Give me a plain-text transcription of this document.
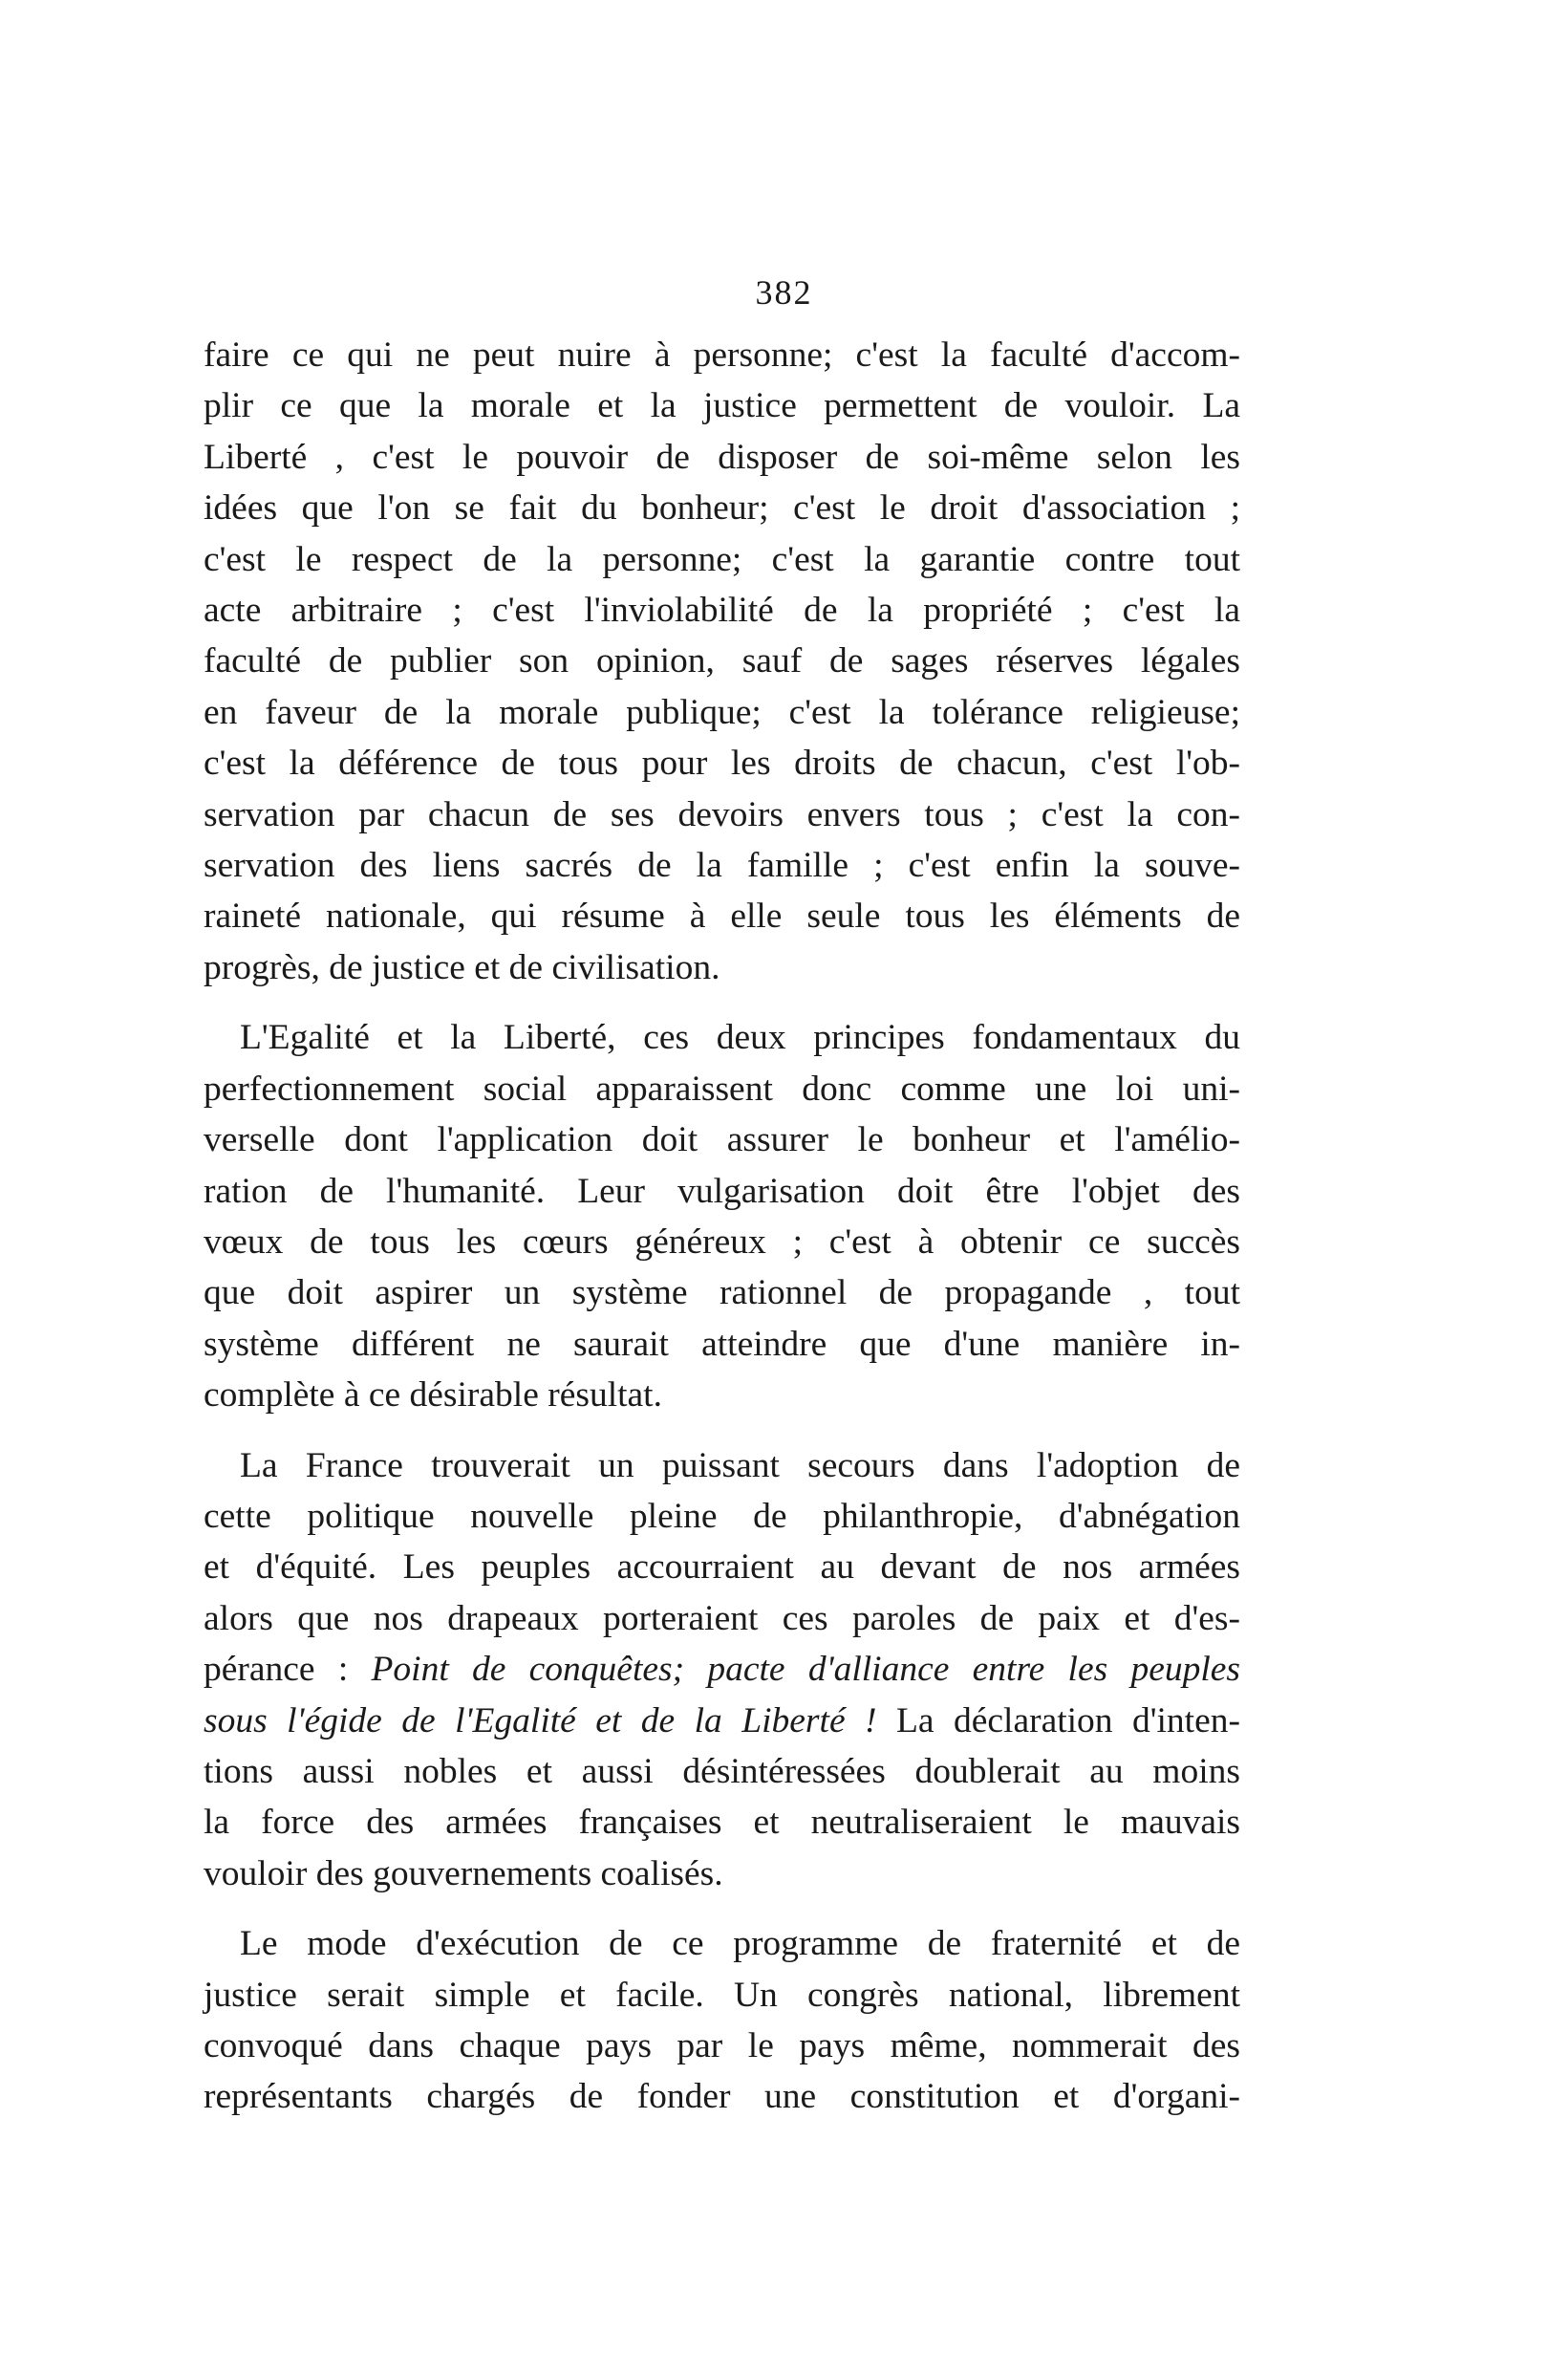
382

faire ce qui ne peut nuire à personne; c'est la faculté d'accom-
plir ce que la morale et la justice permettent de vouloir. La
Liberté , c'est le pouvoir de disposer de soi-même selon les
idées que l'on se fait du bonheur; c'est le droit d'association ;
c'est le respect de la personne; c'est la garantie contre tout
acte arbitraire ; c'est l'inviolabilité de la propriété ; c'est la
faculté de publier son opinion, sauf de sages réserves légales
en faveur de la morale publique; c'est la tolérance religieuse;
c'est la déférence de tous pour les droits de chacun, c'est l'ob-
servation par chacun de ses devoirs envers tous ; c'est la con-
servation des liens sacrés de la famille ; c'est enfin la souve-
raineté nationale, qui résume à elle seule tous les éléments de
progrès, de justice et de civilisation.

L'Egalité et la Liberté, ces deux principes fondamentaux du
perfectionnement social apparaissent donc comme une loi uni-
verselle dont l'application doit assurer le bonheur et l'amélio-
ration de l'humanité. Leur vulgarisation doit être l'objet des
vœux de tous les cœurs généreux ; c'est à obtenir ce succès
que doit aspirer un système rationnel de propagande , tout
système différent ne saurait atteindre que d'une manière in-
complète à ce désirable résultat.

La France trouverait un puissant secours dans l'adoption de
cette politique nouvelle pleine de philanthropie, d'abnégation
et d'équité. Les peuples accourraient au devant de nos armées
alors que nos drapeaux porteraient ces paroles de paix et d'es-
pérance : Point de conquêtes; pacte d'alliance entre les peuples
sous l'égide de l'Egalité et de la Liberté ! La déclaration d'inten-
tions aussi nobles et aussi désintéressées doublerait au moins
la force des armées françaises et neutraliseraient le mauvais
vouloir des gouvernements coalisés.

Le mode d'exécution de ce programme de fraternité et de
justice serait simple et facile. Un congrès national, librement
convoqué dans chaque pays par le pays même, nommerait des
représentants chargés de fonder une constitution et d'organi-
